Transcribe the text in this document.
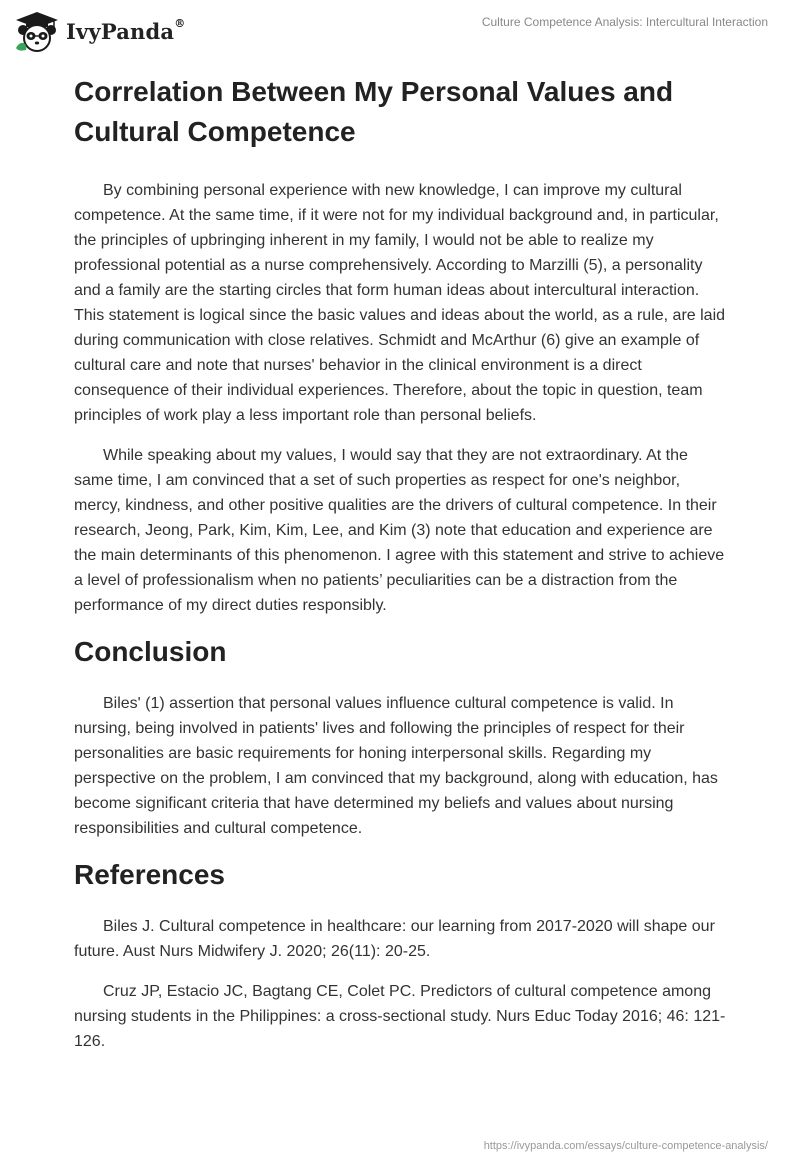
IvyPanda®	Culture Competence Analysis: Intercultural Interaction
Correlation Between My Personal Values and Cultural Competence

By combining personal experience with new knowledge, I can improve my cultural competence. At the same time, if it were not for my individual background and, in particular, the principles of upbringing inherent in my family, I would not be able to realize my professional potential as a nurse comprehensively. According to Marzilli (5), a personality and a family are the starting circles that form human ideas about intercultural interaction. This statement is logical since the basic values and ideas about the world, as a rule, are laid during communication with close relatives. Schmidt and McArthur (6) give an example of cultural care and note that nurses' behavior in the clinical environment is a direct consequence of their individual experiences. Therefore, about the topic in question, team principles of work play a less important role than personal beliefs.

While speaking about my values, I would say that they are not extraordinary. At the same time, I am convinced that a set of such properties as respect for one's neighbor, mercy, kindness, and other positive qualities are the drivers of cultural competence. In their research, Jeong, Park, Kim, Kim, Lee, and Kim (3) note that education and experience are the main determinants of this phenomenon. I agree with this statement and strive to achieve a level of professionalism when no patients’ peculiarities can be a distraction from the performance of my direct duties responsibly.

Conclusion

Biles' (1) assertion that personal values influence cultural competence is valid. In nursing, being involved in patients' lives and following the principles of respect for their personalities are basic requirements for honing interpersonal skills. Regarding my perspective on the problem, I am convinced that my background, along with education, has become significant criteria that have determined my beliefs and values about nursing responsibilities and cultural competence.

References

Biles J. Cultural competence in healthcare: our learning from 2017-2020 will shape our future. Aust Nurs Midwifery J. 2020; 26(11): 20-25.

Cruz JP, Estacio JC, Bagtang CE, Colet PC. Predictors of cultural competence among nursing students in the Philippines: a cross-sectional study. Nurs Educ Today 2016; 46: 121-126.

https://ivypanda.com/essays/culture-competence-analysis/
